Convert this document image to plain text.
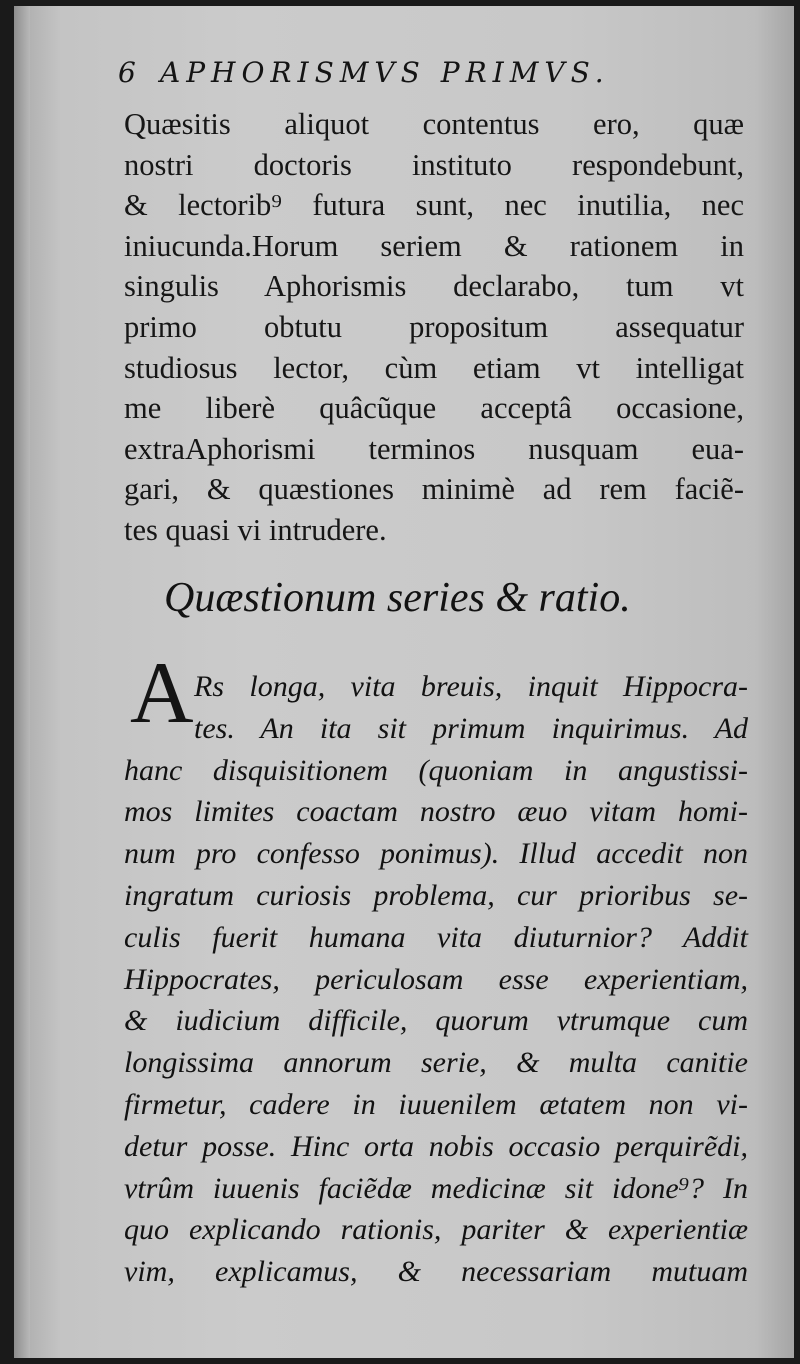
6 APHORISMVS PRIMVS.
Quæsitis aliquot contentus ero, quæ
nostri doctoris instituto respondebunt,
& lectorib⁹ futura sunt, nec inutilia, nec
iniucunda.Horum seriem & rationem in
singulis Aphorismis declarabo, tum vt
primo obtutu propositum assequatur
studiosus lector, cùm etiam vt intelligat
me liberè quâcũque acceptâ occasione,
extraAphorismi terminos nusquam eua-
gari, & quæstiones minimè ad rem faciẽ-
tes quasi vi intrudere.
Quæstionum series & ratio.
A Rs longa, vita breuis, inquit Hippocra-
tes. An ita sit primum inquirimus. Ad
hanc disquisitionem (quoniam in angustissi-
mos limites coactam nostro æuo vitam homi-
num pro confesso ponimus). Illud accedit non
ingratum curiosis problema, cur prioribus se-
culis fuerit humana vita diuturnior? Addit
Hippocrates, periculosam esse experientiam,
& iudicium difficile, quorum vtrumque cum
longissima annorum serie, & multa canitie
firmetur, cadere in iuuenilem ætatem non vi-
detur posse. Hinc orta nobis occasio perquirẽdi,
vtrûm iuuenis faciẽdæ medicinæ sit idone⁹? In
quo explicando rationis, pariter & experientiæ
vim, explicamus, & necessariam mutuam
